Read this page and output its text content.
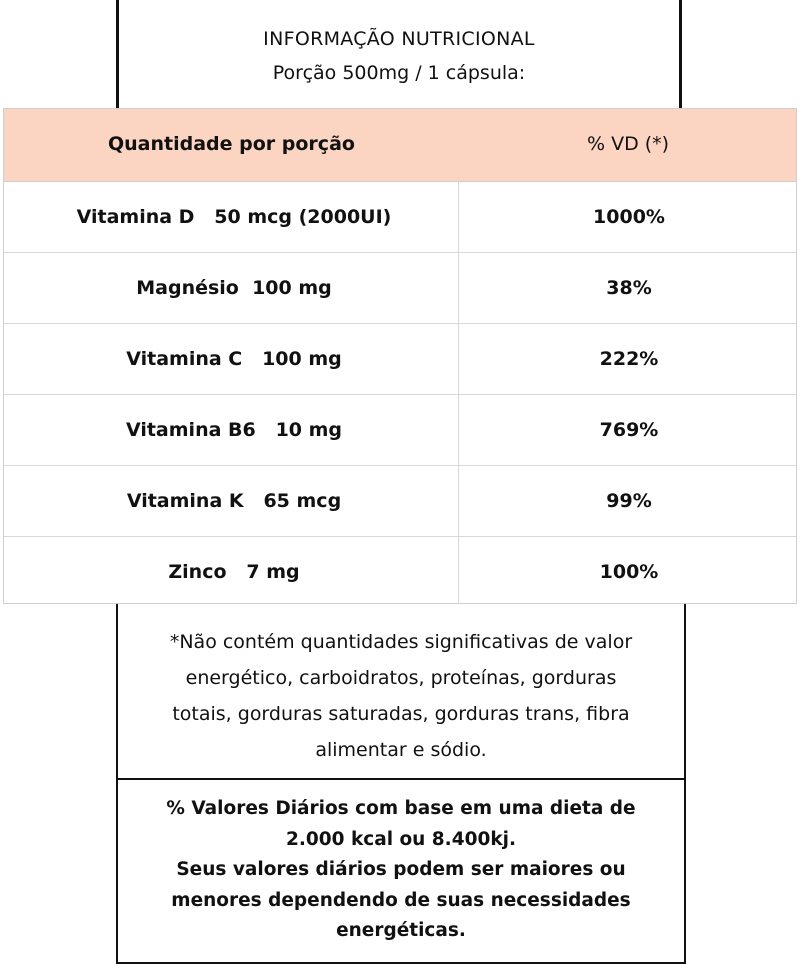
INFORMAÇÃO NUTRICIONAL
Porção 500mg / 1 cápsula:
Quantidade por porção	% VD (*)
Vitamina D   50 mcg (2000UI)	1000%
Magnésio  100 mg	38%
Vitamina C   100 mg	222%
Vitamina B6   10 mg	769%
Vitamina K   65 mcg	99%
Zinco   7 mg	100%
*Não contém quantidades significativas de valor
energético, carboidratos, proteínas, gorduras
totais, gorduras saturadas, gorduras trans, fibra
alimentar e sódio.
% Valores Diários com base em uma dieta de
2.000 kcal ou 8.400kj.
Seus valores diários podem ser maiores ou
menores dependendo de suas necessidades
energéticas.
